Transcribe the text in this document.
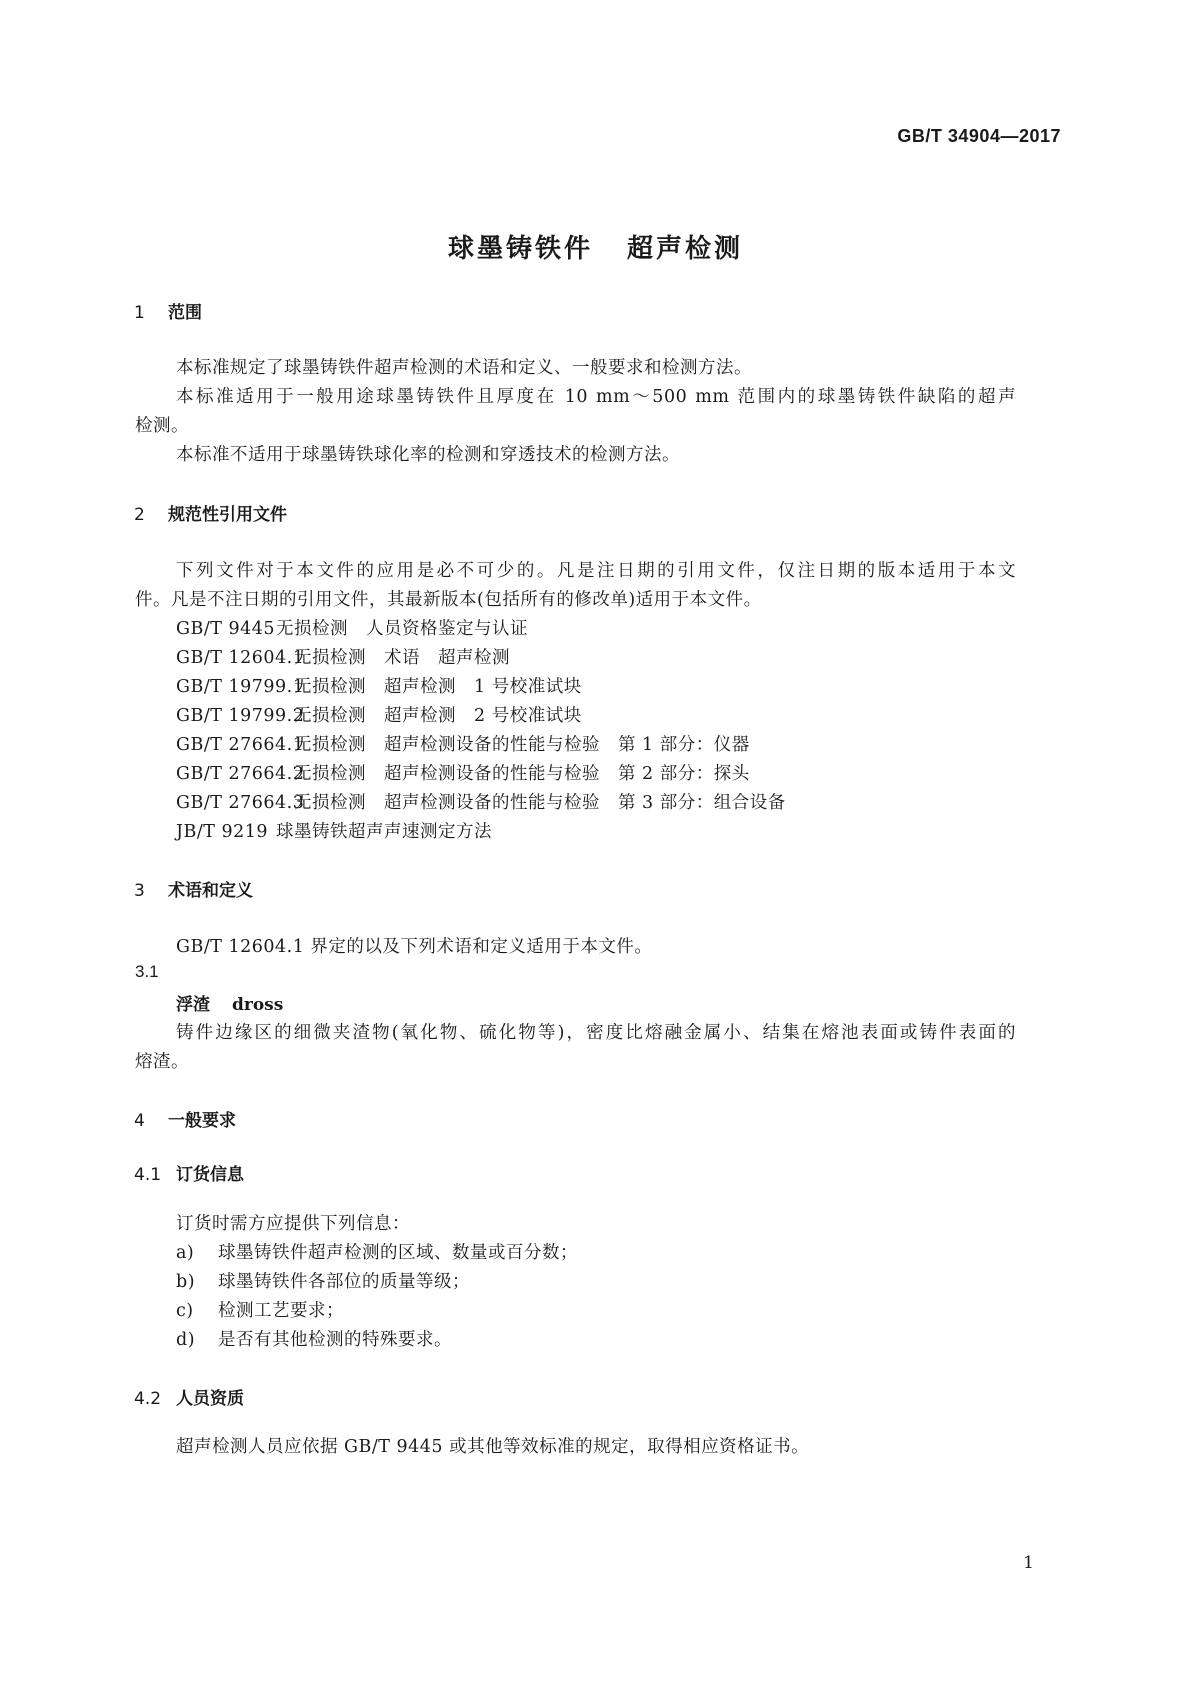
GB/T 34904—2017
球墨铸铁件 超声检测
1 范围
本标准规定了球墨铸铁件超声检测的术语和定义、一般要求和检测方法。
本标准适用于一般用途球墨铸铁件且厚度在 10 mm～500 mm 范围内的球墨铸铁件缺陷的超声
检测。
本标准不适用于球墨铸铁球化率的检测和穿透技术的检测方法。
2 规范性引用文件
下列文件对于本文件的应用是必不可少的。凡是注日期的引用文件，仅注日期的版本适用于本文
件。凡是不注日期的引用文件，其最新版本(包括所有的修改单)适用于本文件。
GB/T 9445无损检测　人员资格鉴定与认证
GB/T 12604.1无损检测　术语　超声检测
GB/T 19799.1无损检测　超声检测　1 号校准试块
GB/T 19799.2无损检测　超声检测　2 号校准试块
GB/T 27664.1无损检测　超声检测设备的性能与检验　第 1 部分：仪器
GB/T 27664.2无损检测　超声检测设备的性能与检验　第 2 部分：探头
GB/T 27664.3无损检测　超声检测设备的性能与检验　第 3 部分：组合设备
JB/T 9219 球墨铸铁超声声速测定方法
3 术语和定义
GB/T 12604.1 界定的以及下列术语和定义适用于本文件。
3.1
浮渣 dross
铸件边缘区的细微夹渣物(氧化物、硫化物等)，密度比熔融金属小、结集在熔池表面或铸件表面的
熔渣。
4 一般要求
4.1 订货信息
订货时需方应提供下列信息：
a) 球墨铸铁件超声检测的区域、数量或百分数；
b) 球墨铸铁件各部位的质量等级；
c) 检测工艺要求；
d) 是否有其他检测的特殊要求。
4.2 人员资质
超声检测人员应依据 GB/T 9445 或其他等效标准的规定，取得相应资格证书。
1
